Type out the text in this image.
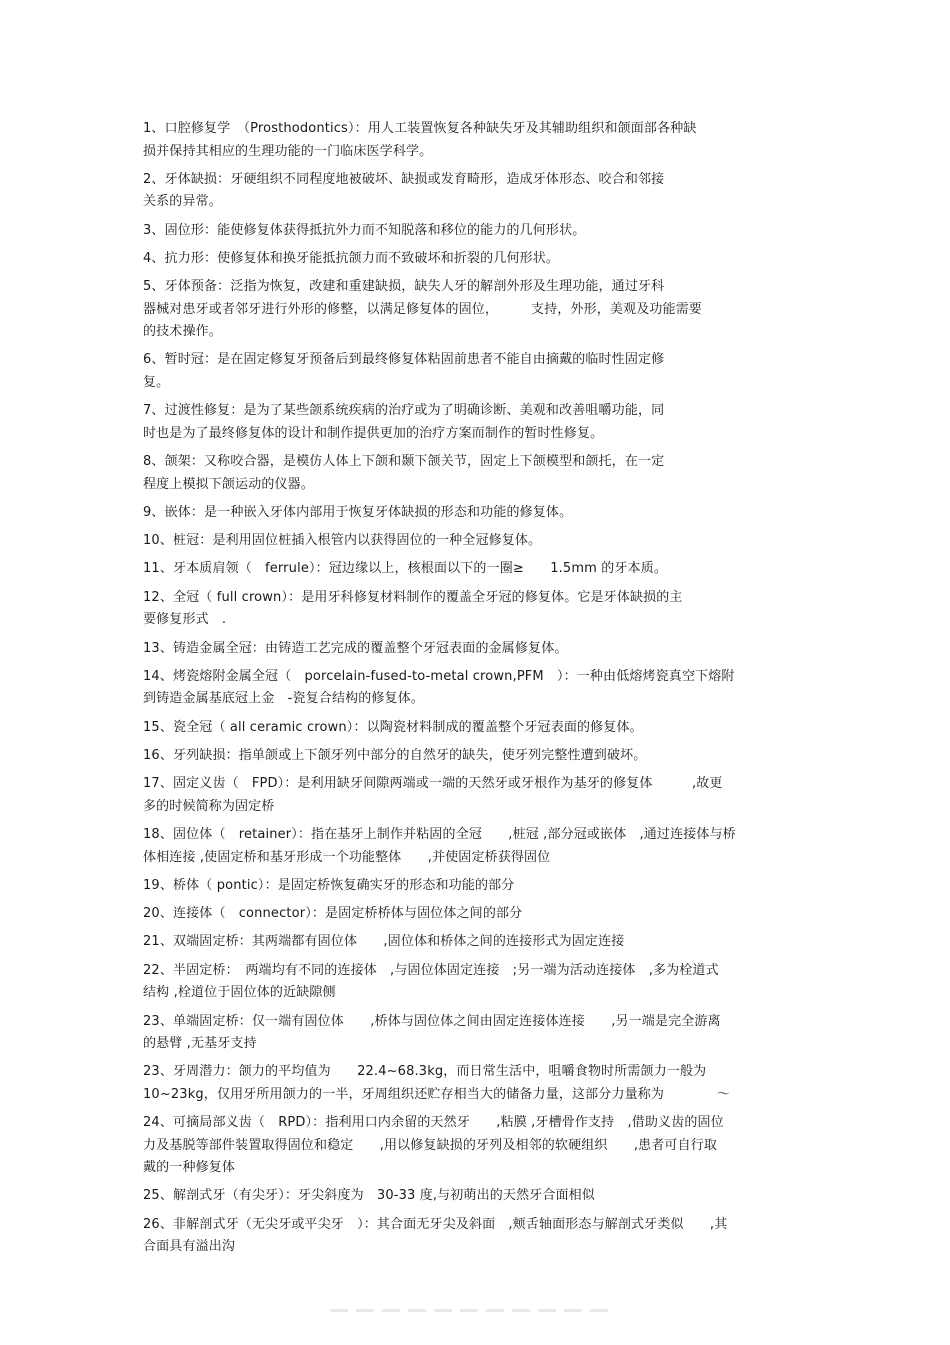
1、口腔修复学　（Prosthodontics）：用人工装置恢复各种缺失牙及其辅助组织和颌面部各种缺
损并保持其相应的生理功能的一门临床医学科学。
2、牙体缺损：牙硬组织不同程度地被破坏、缺损或发育畸形，造成牙体形态、咬合和邻接
关系的异常。
3、固位形：能使修复体获得抵抗外力而不知脱落和移位的能力的几何形状。
4、抗力形：使修复体和换牙能抵抗颌力而不致破坏和折裂的几何形状。
5、牙体预备：泛指为恢复，改建和重建缺损，缺失人牙的解剖外形及生理功能，通过牙科
器械对患牙或者邻牙进行外形的修整，以满足修复体的固位，　　　支持，外形，美观及功能需要
的技术操作。
6、暂时冠：是在固定修复牙预备后到最终修复体粘固前患者不能自由摘戴的临时性固定修
复。
7、过渡性修复：是为了某些颌系统疾病的治疗或为了明确诊断、美观和改善咀嚼功能，同
时也是为了最终修复体的设计和制作提供更加的治疗方案而制作的暂时性修复。
8、颌架：又称咬合器，是模仿人体上下颌和颞下颌关节，固定上下颌模型和颌托，在一定
程度上模拟下颌运动的仪器。
9、嵌体：是一种嵌入牙体内部用于恢复牙体缺损的形态和功能的修复体。
10、桩冠：是利用固位桩插入根管内以获得固位的一种全冠修复体。
11、牙本质肩领（　ferrule）：冠边缘以上，核根面以下的一圈≥　　1.5mm 的牙本质。
12、全冠（ full crown）：是用牙科修复材料制作的覆盖全牙冠的修复体。它是牙体缺损的主
要修复形式　.
13、铸造金属全冠：由铸造工艺完成的覆盖整个牙冠表面的金属修复体。
14、烤瓷熔附金属全冠（　porcelain-fused-to-metal crown,PFM　）：一种由低熔烤瓷真空下熔附
到铸造金属基底冠上金　-瓷复合结构的修复体。
15、瓷全冠（ all ceramic crown）：以陶瓷材料制成的覆盖整个牙冠表面的修复体。
16、牙列缺损：指单颌或上下颌牙列中部分的自然牙的缺失，使牙列完整性遭到破坏。
17、固定义齿（　FPD）：是利用缺牙间隙两端或一端的天然牙或牙根作为基牙的修复体　　　,故更
多的时候简称为固定桥
18、固位体（　retainer）：指在基牙上制作并粘固的全冠　　,桩冠 ,部分冠或嵌体　,通过连接体与桥
体相连接 ,使固定桥和基牙形成一个功能整体　　,并使固定桥获得固位
19、桥体（ pontic）：是固定桥恢复确实牙的形态和功能的部分
20、连接体（　connector）：是固定桥桥体与固位体之间的部分
21、双端固定桥：其两端都有固位体　　,固位体和桥体之间的连接形式为固定连接
22、半固定桥：　两端均有不同的连接体　,与固位体固定连接　;另一端为活动连接体　,多为栓道式
结构 ,栓道位于固位体的近缺隙侧
23、单端固定桥：仅一端有固位体　　,桥体与固位体之间由固定连接体连接　　,另一端是完全游离
的悬臂 ,无基牙支持
23、牙周潜力：颌力的平均值为　　22.4~68.3kg，而日常生活中，咀嚼食物时所需颌力一般为
10~23kg，仅用牙所用颌力的一半，牙周组织还贮存相当大的储备力量，这部分力量称为　　　　～
24、可摘局部义齿（　RPD）：指利用口内余留的天然牙　　,粘膜 ,牙槽骨作支持　,借助义齿的固位
力及基脱等部件装置取得固位和稳定　　,用以修复缺损的牙列及相邻的软硬组织　　,患者可自行取
戴的一种修复体
25、解剖式牙（有尖牙）：牙尖斜度为　30-33 度,与初萌出的天然牙合面相似
26、非解剖式牙（无尖牙或平尖牙　）：其合面无牙尖及斜面　,颊舌轴面形态与解剖式牙类似　　,其
合面具有溢出沟
